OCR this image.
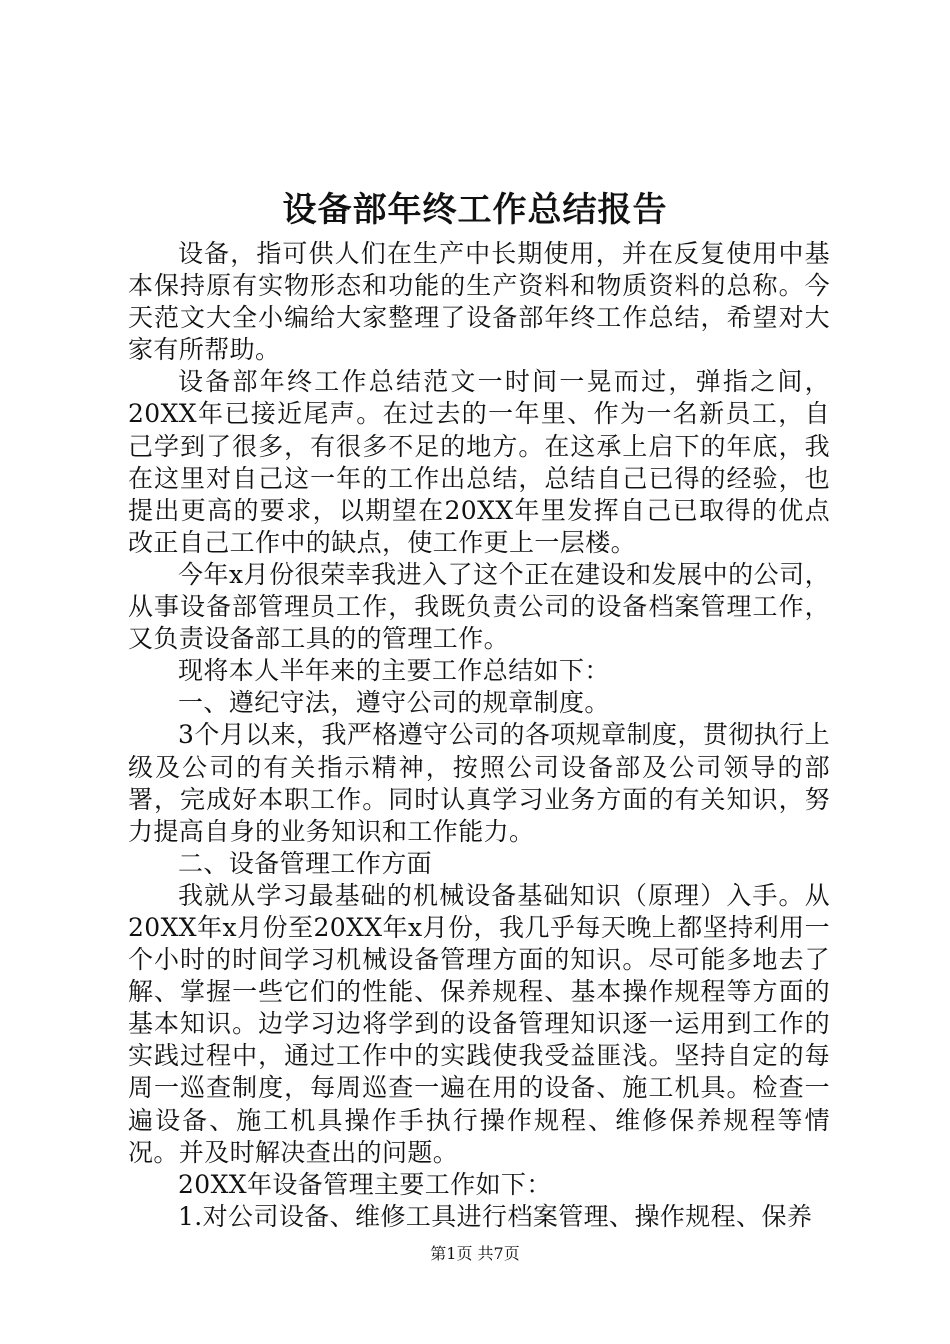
设备部年终工作总结报告

设备，指可供人们在生产中长期使用，并在反复使用中基本保持原有实物形态和功能的生产资料和物质资料的总称。今天范文大全小编给大家整理了设备部年终工作总结，希望对大家有所帮助。

设备部年终工作总结范文一时间一晃而过，弹指之间，20XX年已接近尾声。在过去的一年里、作为一名新员工，自己学到了很多，有很多不足的地方。在这承上启下的年底，我在这里对自己这一年的工作出总结，总结自己已得的经验，也提出更高的要求，以期望在20XX年里发挥自己已取得的优点改正自己工作中的缺点，使工作更上一层楼。

今年x月份很荣幸我进入了这个正在建设和发展中的公司，从事设备部管理员工作，我既负责公司的设备档案管理工作，又负责设备部工具的的管理工作。

现将本人半年来的主要工作总结如下：

一、遵纪守法，遵守公司的规章制度。

3个月以来，我严格遵守公司的各项规章制度，贯彻执行上级及公司的有关指示精神，按照公司设备部及公司领导的部署，完成好本职工作。同时认真学习业务方面的有关知识，努力提高自身的业务知识和工作能力。

二、设备管理工作方面

我就从学习最基础的机械设备基础知识（原理）入手。从20XX年x月份至20XX年x月份，我几乎每天晚上都坚持利用一个小时的时间学习机械设备管理方面的知识。尽可能多地去了解、掌握一些它们的性能、保养规程、基本操作规程等方面的基本知识。边学习边将学到的设备管理知识逐一运用到工作的实践过程中，通过工作中的实践使我受益匪浅。坚持自定的每周一巡查制度，每周巡查一遍在用的设备、施工机具。检查一遍设备、施工机具操作手执行操作规程、维修保养规程等情况。并及时解决查出的问题。

20XX年设备管理主要工作如下：

1.对公司设备、维修工具进行档案管理、操作规程、保养

第1页 共7页
